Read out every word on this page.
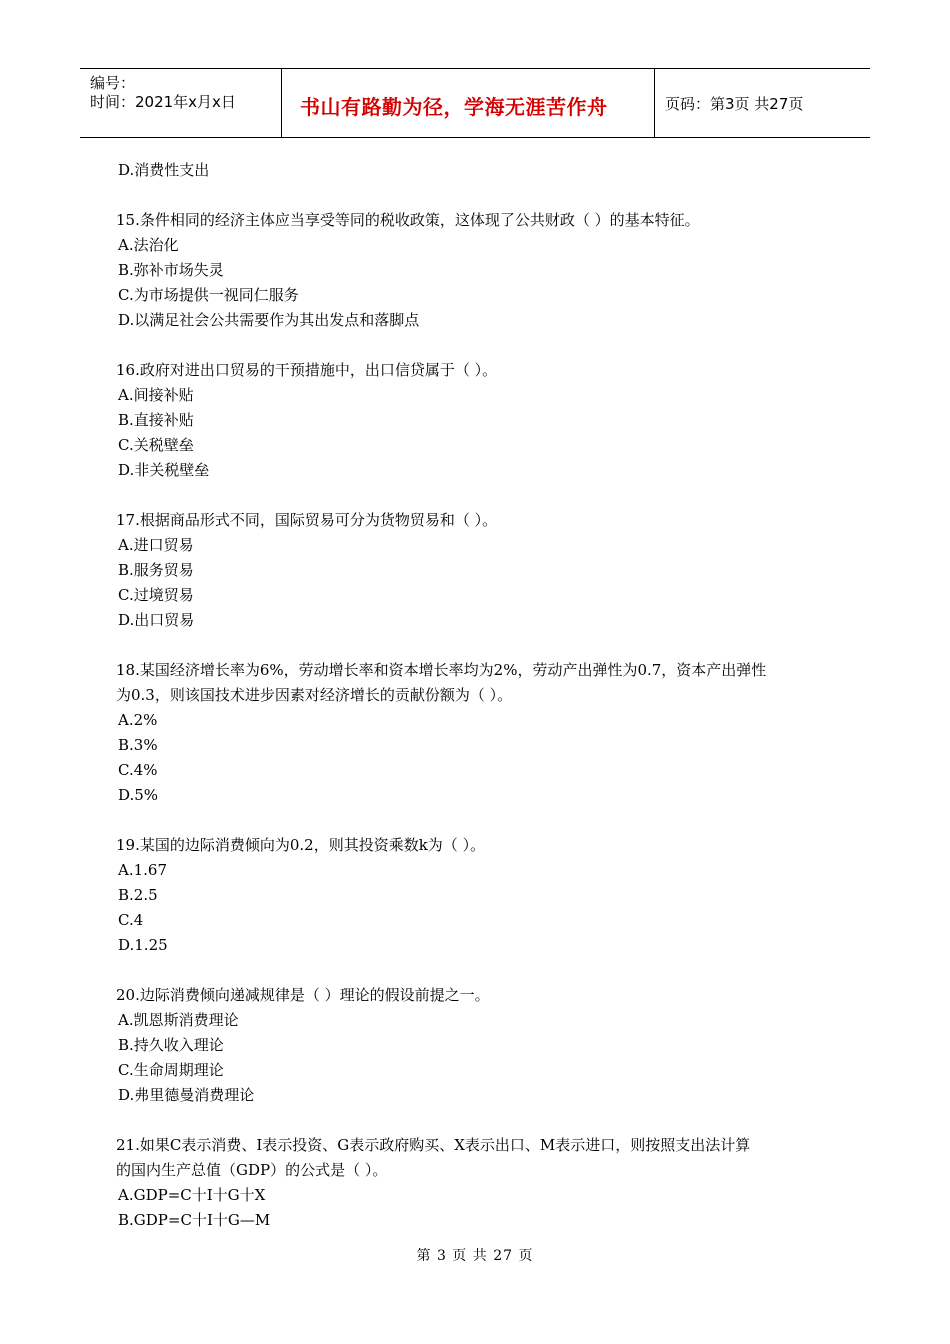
编号：
时间：2021年x月x日	书山有路勤为径，学海无涯苦作舟	页码：第3页 共27页
D.消费性支出
15.条件相同的经济主体应当享受等同的税收政策，这体现了公共财政（ ）的基本特征。
A.法治化
B.弥补市场失灵
C.为市场提供一视同仁服务
D.以满足社会公共需要作为其出发点和落脚点
16.政府对进出口贸易的干预措施中，出口信贷属于（ ）。
A.间接补贴
B.直接补贴
C.关税壁垒
D.非关税壁垒
17.根据商品形式不同，国际贸易可分为货物贸易和（ ）。
A.进口贸易
B.服务贸易
C.过境贸易
D.出口贸易
18.某国经济增长率为6%，劳动增长率和资本增长率均为2%，劳动产出弹性为0.7，资本产出弹性
为0.3，则该国技术进步因素对经济增长的贡献份额为（ ）。
A.2%
B.3%
C.4%
D.5%
19.某国的边际消费倾向为0.2，则其投资乘数k为（ ）。
A.1.67
B.2.5
C.4
D.1.25
20.边际消费倾向递减规律是（ ）理论的假设前提之一。
A.凯恩斯消费理论
B.持久收入理论
C.生命周期理论
D.弗里德曼消费理论
21.如果C表示消费、I表示投资、G表示政府购买、X表示出口、M表示进口，则按照支出法计算
的国内生产总值（GDP）的公式是（ ）。
A.GDP=C十I十G十X
B.GDP=C十I十G—M
第 3 页 共 27 页
